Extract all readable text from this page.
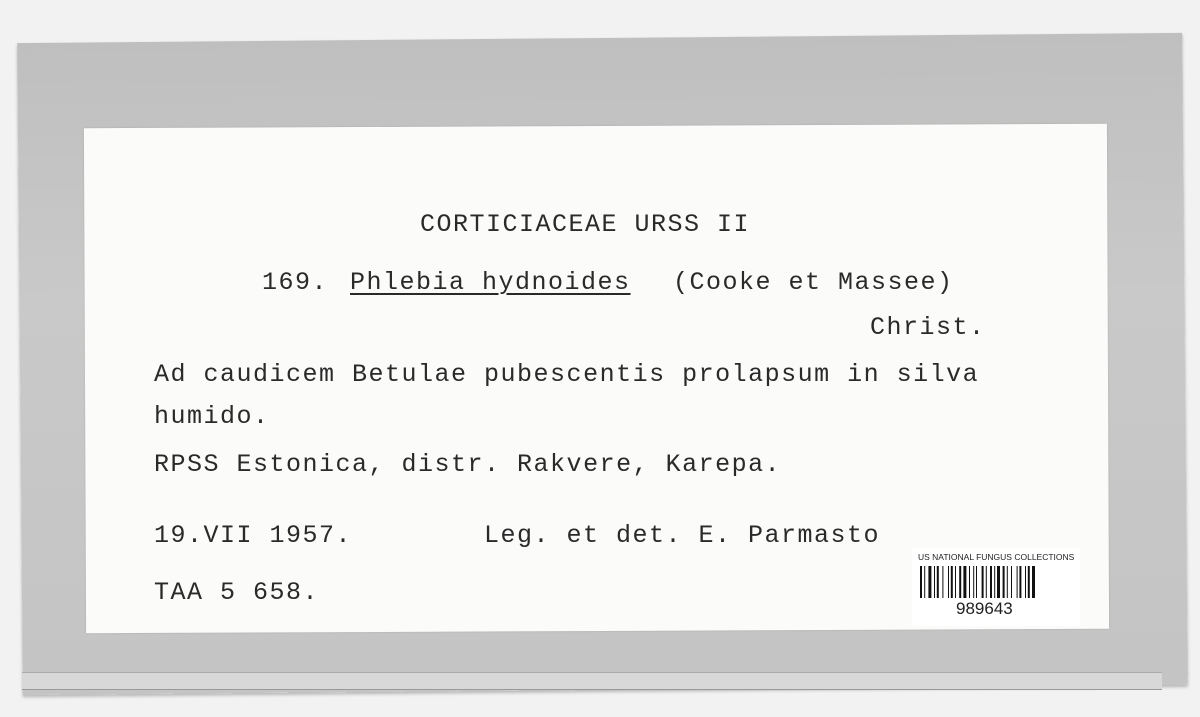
CORTICIACEAE URSS II
169. Phlebia hydnoides (Cooke et Massee)
Christ.
Ad caudicem Betulae pubescentis prolapsum in silva
humido.
RPSS Estonica, distr. Rakvere, Karepa.
19.VII 1957.	Leg. et det. E. Parmasto
TAA 5 658.
US NATIONAL FUNGUS COLLECTIONS
989643
